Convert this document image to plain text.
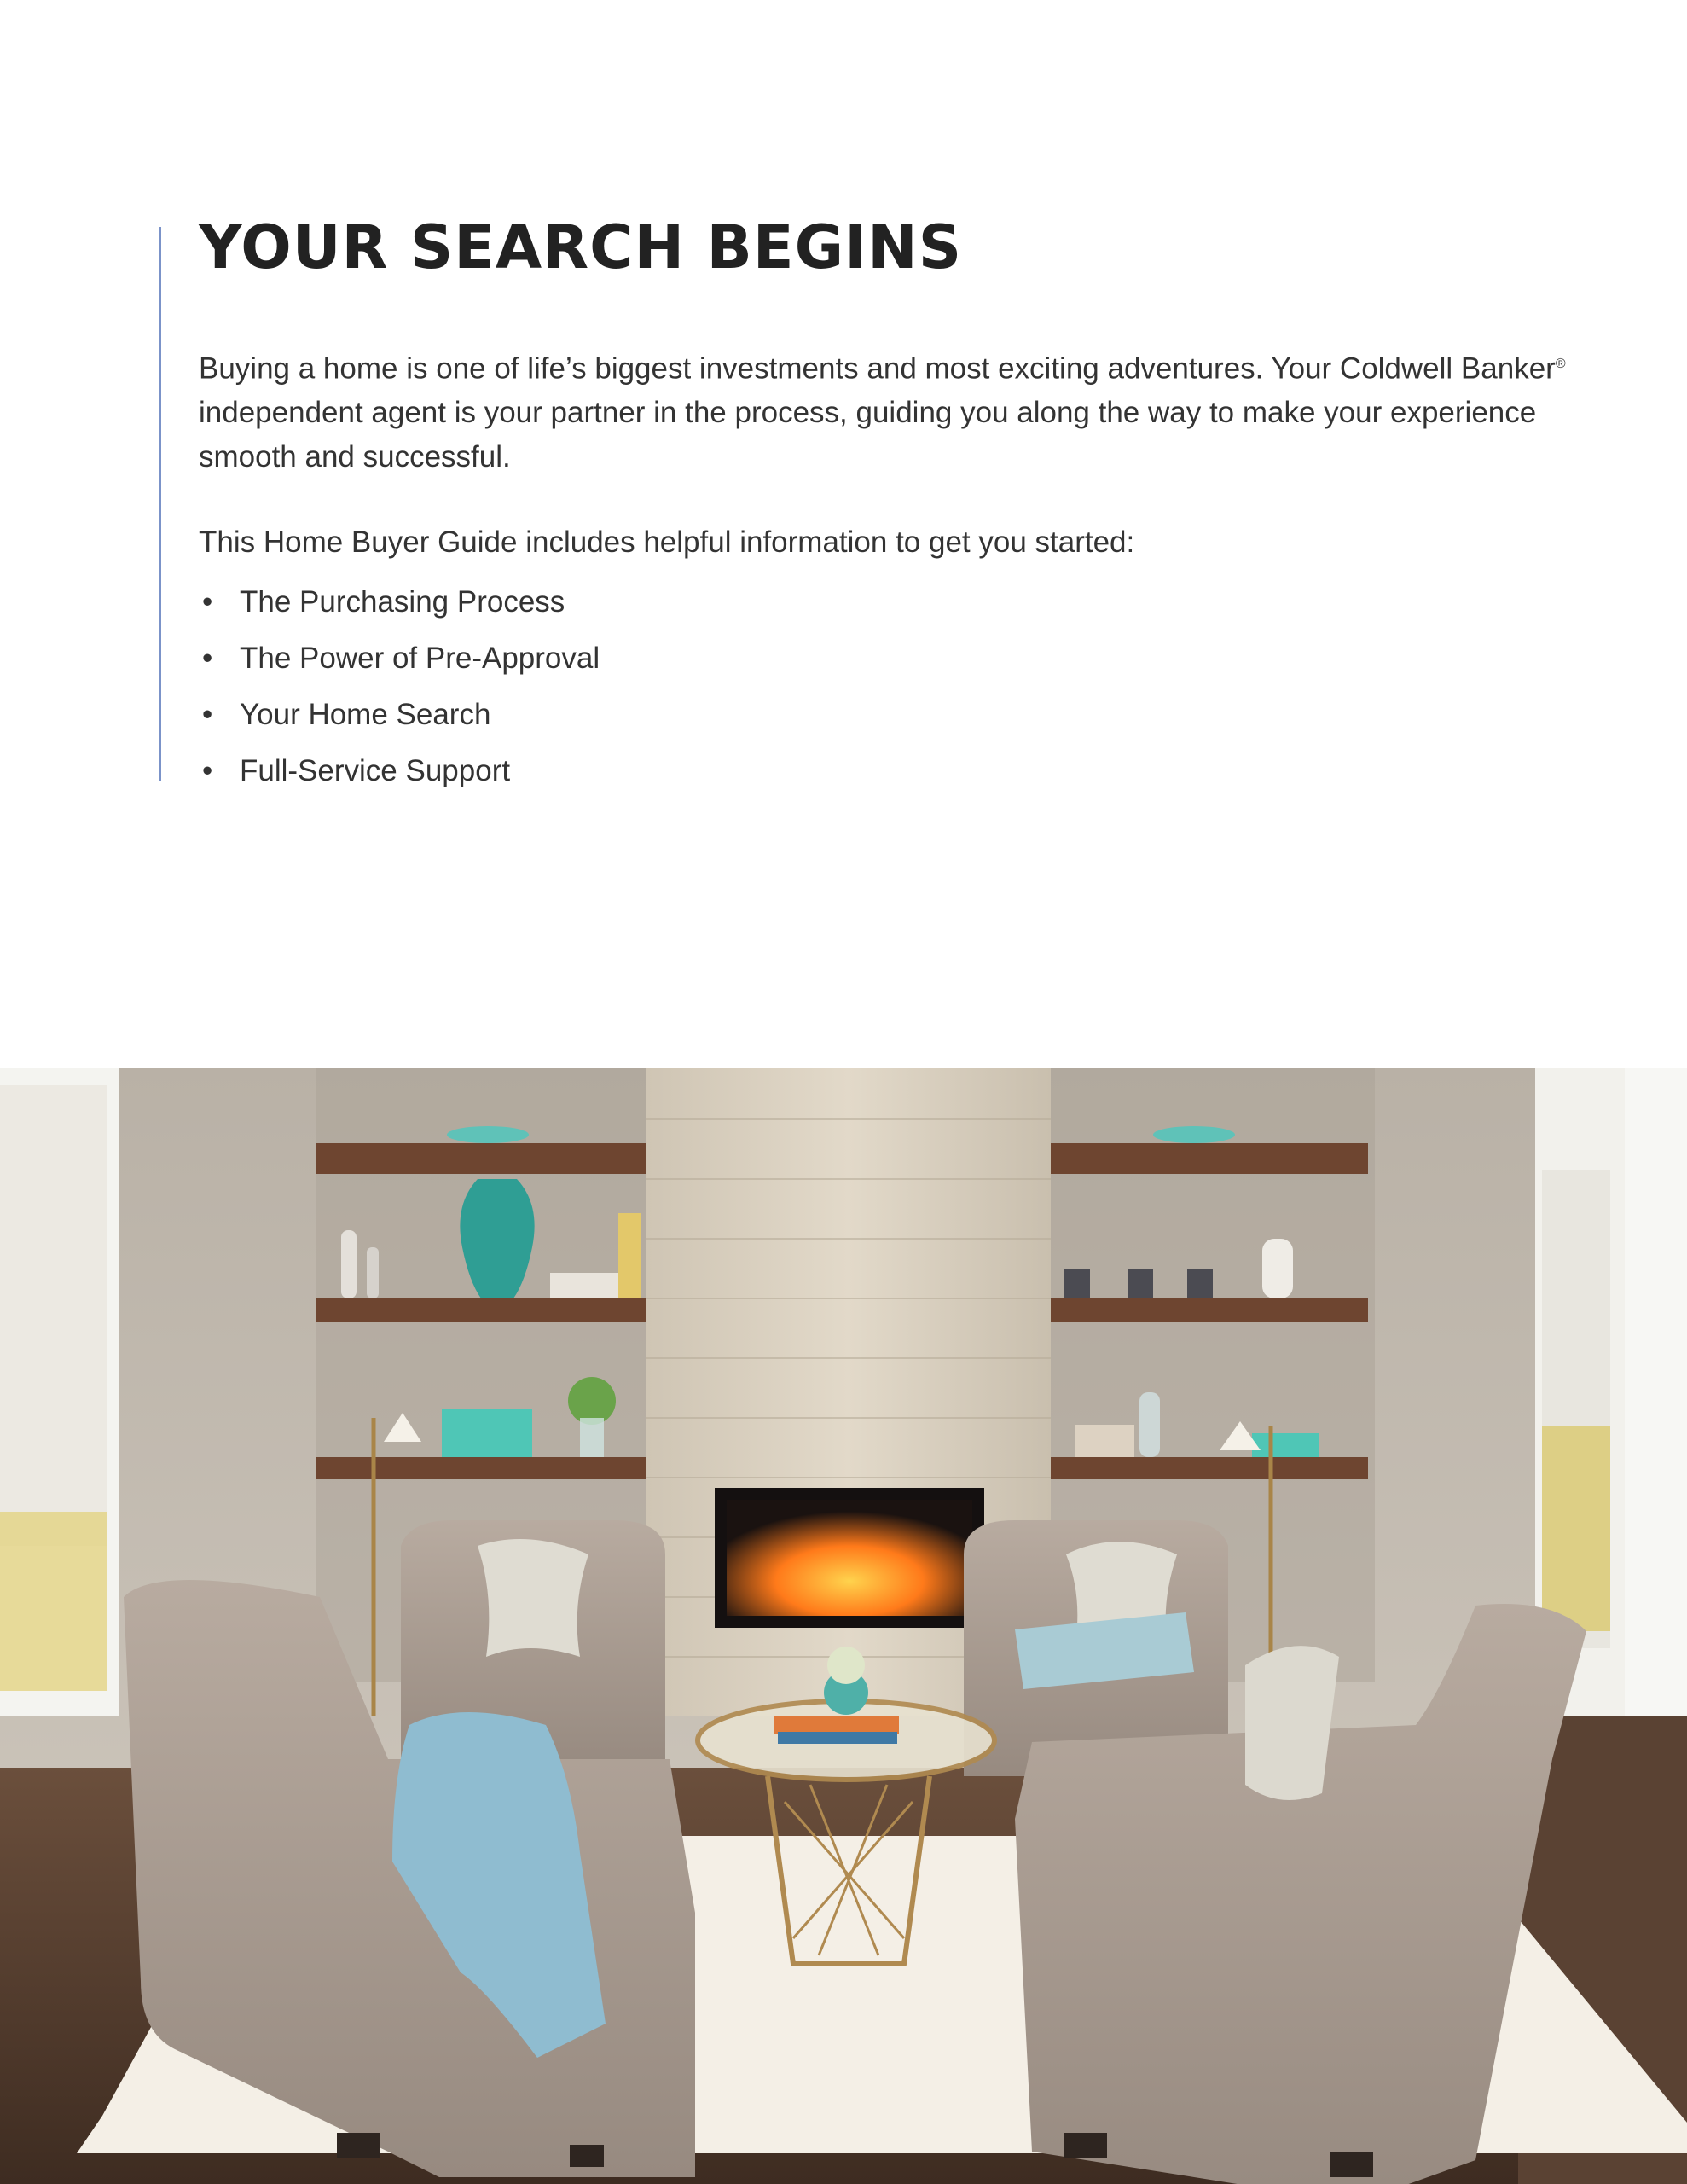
YOUR SEARCH BEGINS

Buying a home is one of life’s biggest investments and most exciting adventures. Your Coldwell Banker® independent agent is your partner in the process, guiding you along the way to make your experience smooth and successful.

This Home Buyer Guide includes helpful information to get you started:

• The Purchasing Process
• The Power of Pre-Approval
• Your Home Search
• Full-Service Support
